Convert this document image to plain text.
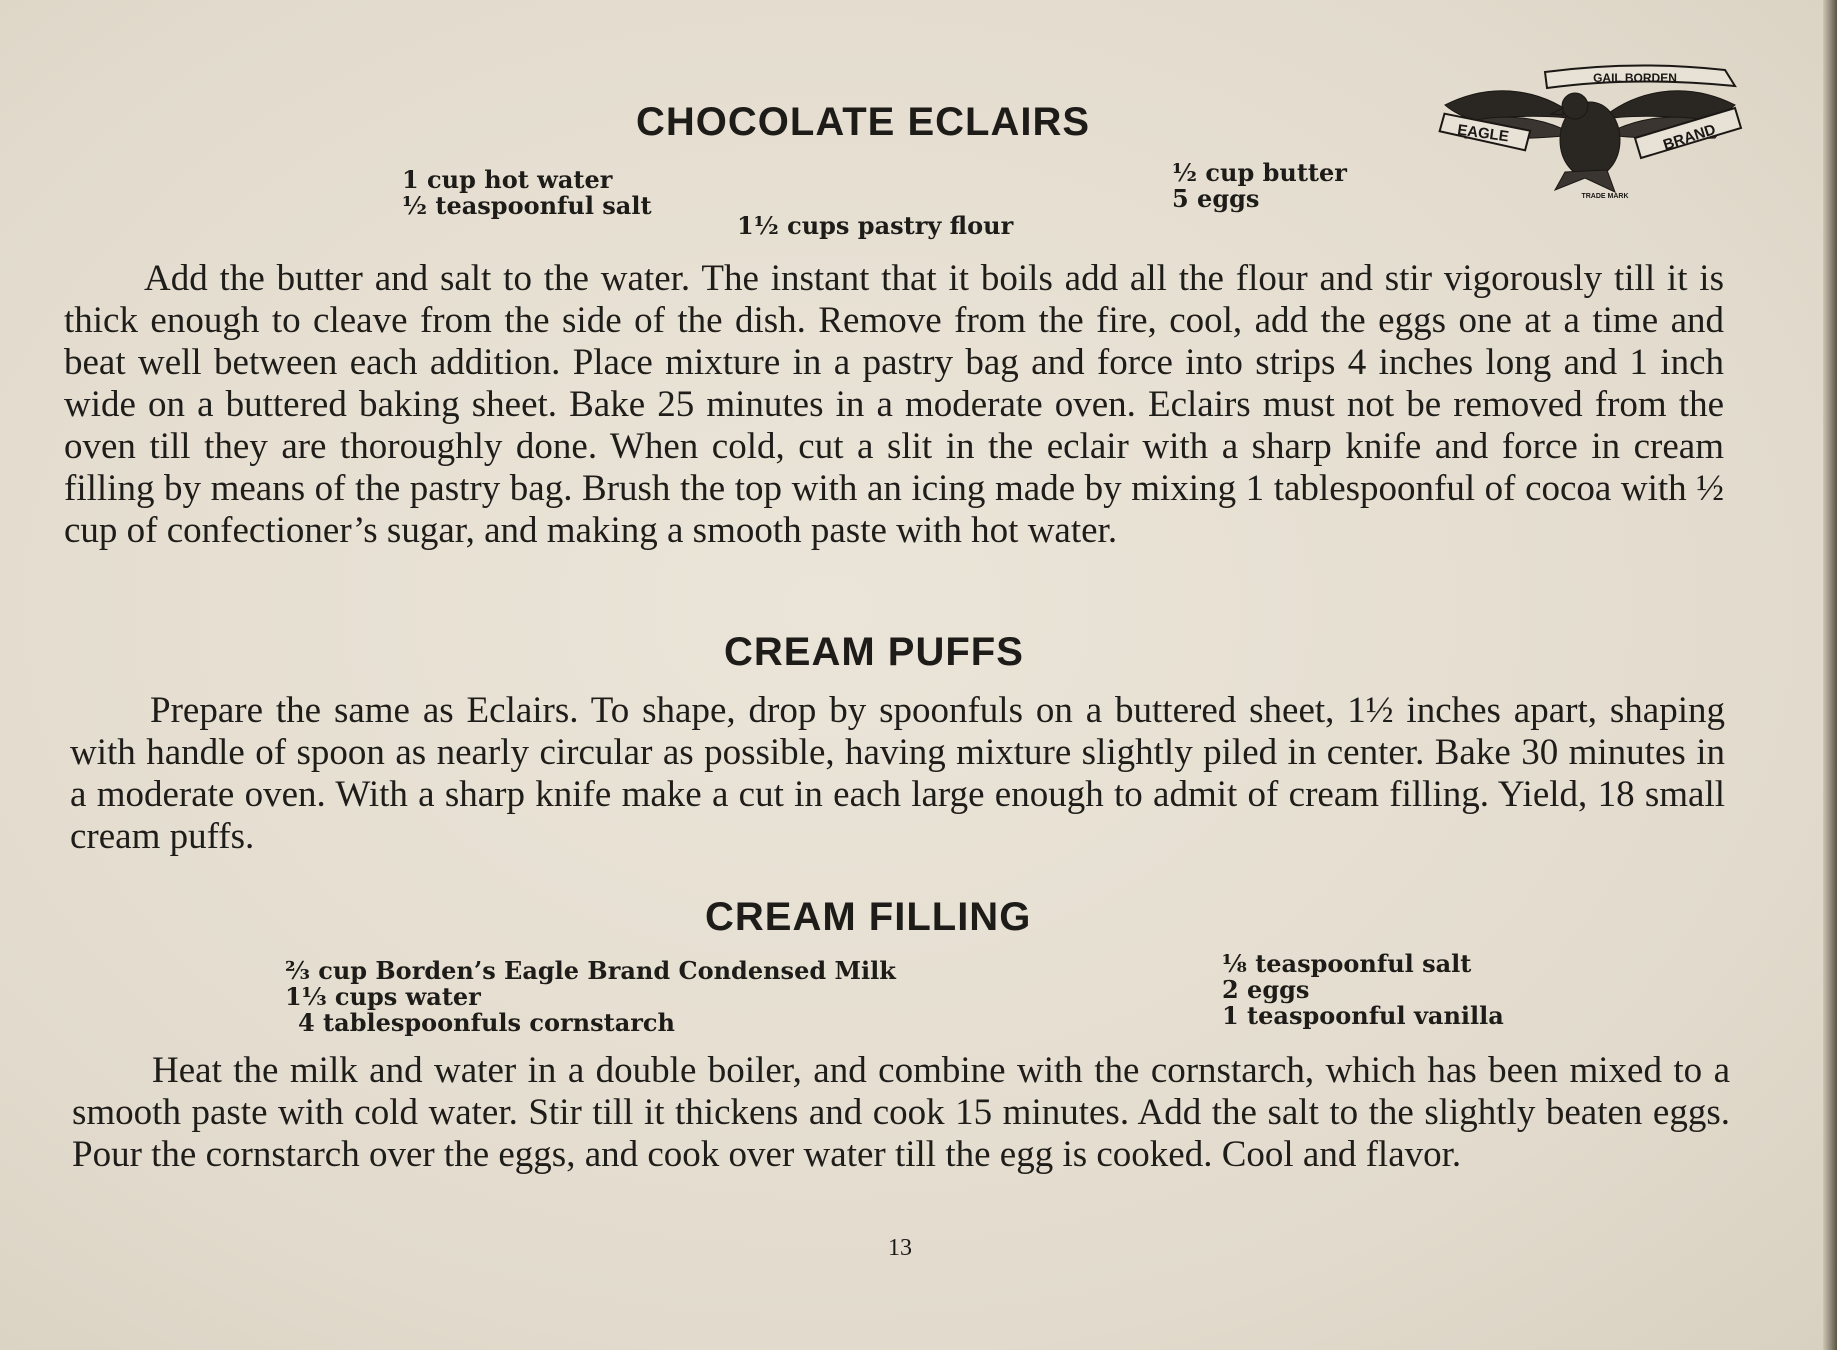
GAIL BORDEN
EAGLE	BRAND
TRADE MARK
CHOCOLATE ECLAIRS
1 cup hot water
½ teaspoonful salt
1½ cups pastry flour
½ cup butter
5 eggs

Add the butter and salt to the water. The instant that it boils add all the flour and stir vigorously till it is thick enough to cleave from the side of the dish. Remove from the fire, cool, add the eggs one at a time and beat well between each addition. Place mixture in a pastry bag and force into strips 4 inches long and 1 inch wide on a buttered baking sheet. Bake 25 minutes in a moderate oven. Eclairs must not be removed from the oven till they are thoroughly done. When cold, cut a slit in the eclair with a sharp knife and force in cream filling by means of the pastry bag. Brush the top with an icing made by mixing 1 tablespoonful of cocoa with ½ cup of confectioner’s sugar, and making a smooth paste with hot water.

CREAM PUFFS

Prepare the same as Eclairs. To shape, drop by spoonfuls on a buttered sheet, 1½ inches apart, shaping with handle of spoon as nearly circular as possible, having mixture slightly piled in center. Bake 30 minutes in a moderate oven. With a sharp knife make a cut in each large enough to admit of cream filling. Yield, 18 small cream puffs.

CREAM FILLING
⅔ cup Borden’s Eagle Brand Condensed Milk
1⅓ cups water
4 tablespoonfuls cornstarch
⅛ teaspoonful salt
2 eggs
1 teaspoonful vanilla

Heat the milk and water in a double boiler, and combine with the cornstarch, which has been mixed to a smooth paste with cold water. Stir till it thickens and cook 15 minutes. Add the salt to the slightly beaten eggs. Pour the cornstarch over the eggs, and cook over water till the egg is cooked. Cool and flavor.

13
